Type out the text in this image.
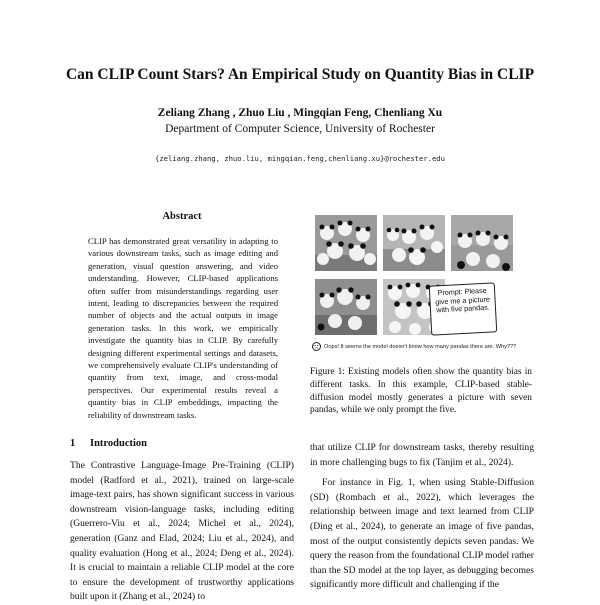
Can CLIP Count Stars? An Empirical Study on Quantity Bias in CLIP
Zeliang Zhang , Zhuo Liu , Mingqian Feng, Chenliang Xu
Department of Computer Science, University of Rochester
{zeliang.zhang, zhuo.liu, mingqian.feng,chenliang.xu}@rochester.edu
Abstract
CLIP has demonstrated great versatility in adapting to various downstream tasks, such as image editing and generation, visual question answering, and video understanding. However, CLIP-based applications often suffer from misunderstandings regarding user intent, leading to discrepancies between the required number of objects and the actual outputs in image generation tasks. In this work, we empirically investigate the quantity bias in CLIP. By carefully designing different experimental settings and datasets, we comprehensively evaluate CLIP's understanding of quantity from text, image, and cross-modal perspectives. Our experimental results reveal a quantity bias in CLIP embeddings, impacting the reliability of downstream tasks.
1 Introduction

The Contrastive Language-Image Pre-Training (CLIP) model (Radford et al., 2021), trained on large-scale image-text pairs, has shown significant success in various downstream vision-language tasks, including editing (Guerrero-Viu et al., 2024; Michel et al., 2024), generation (Ganz and Elad, 2024; Liu et al., 2024), and quality evaluation (Hong et al., 2024; Deng et al., 2024). It is crucial to maintain a reliable CLIP model at the core to ensure the development of trustworthy applications built upon it (Zhang et al., 2024) to

Prompt: Please give me a picture with five pandas.
Oops! It seems the model doesn't know how many pandas there are. Why???
Figure 1: Existing models often show the quantity bias in different tasks. In this example, CLIP-based stable-diffusion model mostly generates a picture with seven pandas, while we only prompt the five.

that utilize CLIP for downstream tasks, thereby resulting in more challenging bugs to fix (Tanjim et al., 2024).

For instance in Fig. 1, when using Stable-Diffusion (SD) (Rombach et al., 2022), which leverages the relationship between image and text learned from CLIP (Ding et al., 2024), to generate an image of five pandas, most of the output consistently depicts seven pandas. We query the reason from the foundational CLIP model rather than the SD model at the top layer, as debugging becomes significantly more difficult and challenging if the
